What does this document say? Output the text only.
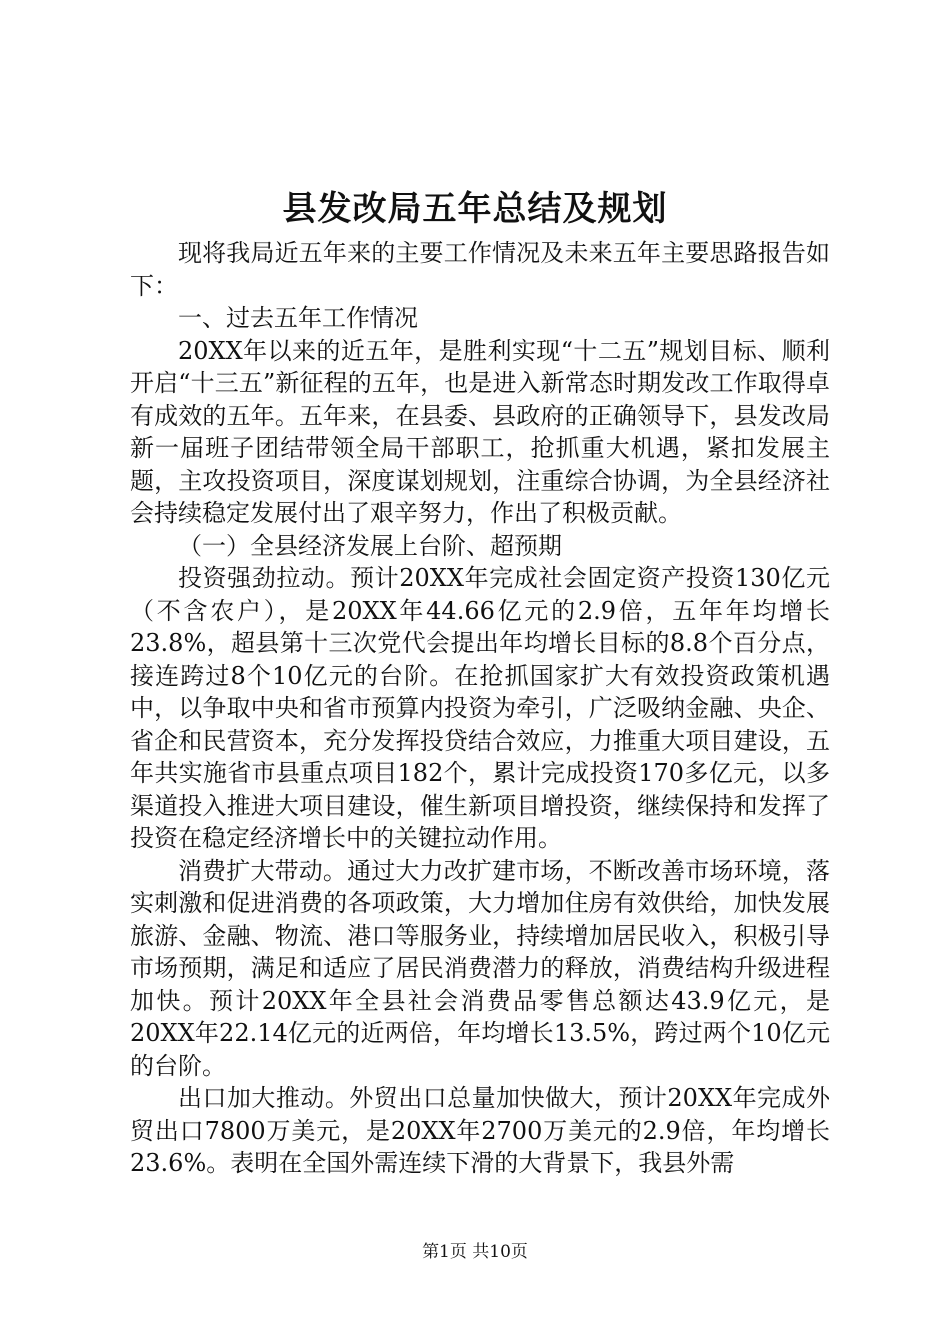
县发改局五年总结及规划

现将我局近五年来的主要工作情况及未来五年主要思路报告如下：

一、过去五年工作情况

20XX年以来的近五年，是胜利实现“十二五”规划目标、顺利开启“十三五”新征程的五年，也是进入新常态时期发改工作取得卓有成效的五年。五年来，在县委、县政府的正确领导下，县发改局新一届班子团结带领全局干部职工，抢抓重大机遇，紧扣发展主题，主攻投资项目，深度谋划规划，注重综合协调，为全县经济社会持续稳定发展付出了艰辛努力，作出了积极贡献。

（一）全县经济发展上台阶、超预期

投资强劲拉动。预计20XX年完成社会固定资产投资130亿元（不含农户），是20XX年44.66亿元的2.9倍，五年年均增长23.8%，超县第十三次党代会提出年均增长目标的8.8个百分点，接连跨过8个10亿元的台阶。在抢抓国家扩大有效投资政策机遇中，以争取中央和省市预算内投资为牵引，广泛吸纳金融、央企、省企和民营资本，充分发挥投贷结合效应，力推重大项目建设，五年共实施省市县重点项目182个，累计完成投资170多亿元，以多渠道投入推进大项目建设，催生新项目增投资，继续保持和发挥了投资在稳定经济增长中的关键拉动作用。

消费扩大带动。通过大力改扩建市场，不断改善市场环境，落实刺激和促进消费的各项政策，大力增加住房有效供给，加快发展旅游、金融、物流、港口等服务业，持续增加居民收入，积极引导市场预期，满足和适应了居民消费潜力的释放，消费结构升级进程加快。预计20XX年全县社会消费品零售总额达43.9亿元，是20XX年22.14亿元的近两倍，年均增长13.5%，跨过两个10亿元的台阶。

出口加大推动。外贸出口总量加快做大，预计20XX年完成外贸出口7800万美元，是20XX年2700万美元的2.9倍，年均增长23.6%。表明在全国外需连续下滑的大背景下，我县外需

第1页 共10页
